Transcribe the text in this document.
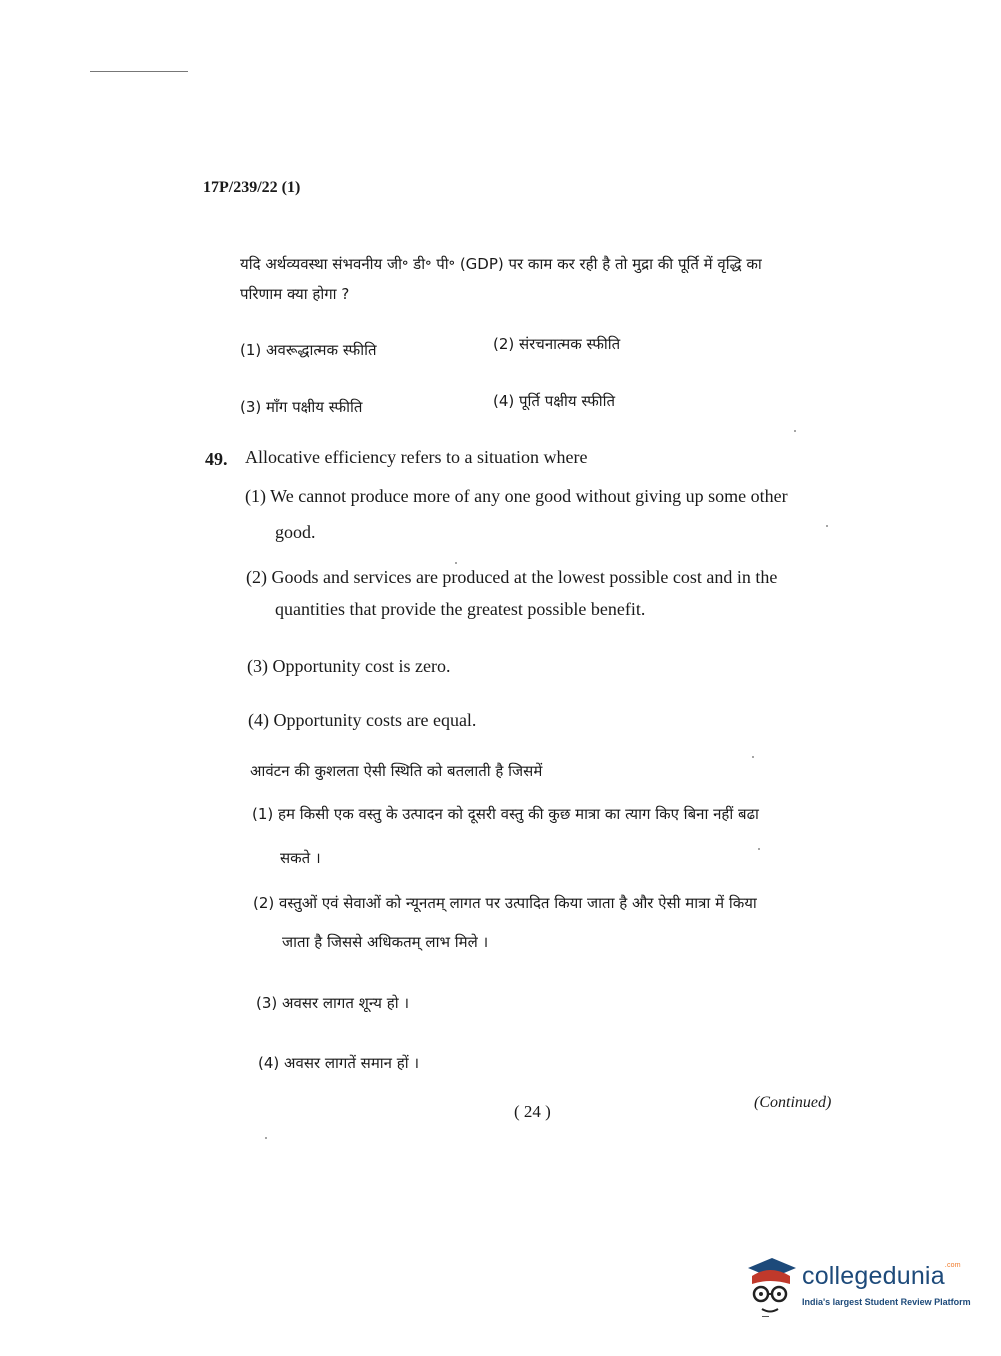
17P/239/22 (1)
यदि अर्थव्यवस्था संभवनीय जी॰ डी॰ पी॰ (GDP) पर काम कर रही है तो मुद्रा की पूर्ति में वृद्धि का
परिणाम क्या होगा ?
(1) अवरूद्धात्मक स्फीति	(2) संरचनात्मक स्फीति
(3) माँग पक्षीय स्फीति	(4) पूर्ति पक्षीय स्फीति
49. Allocative efficiency refers to a situation where
(1) We cannot produce more of any one good without giving up some other
good.
(2) Goods and services are produced at the lowest possible cost and in the
quantities that provide the greatest possible benefit.
(3) Opportunity cost is zero.
(4) Opportunity costs are equal.
आवंटन की कुशलता ऐसी स्थिति को बतलाती है जिसमें
(1) हम किसी एक वस्तु के उत्पादन को दूसरी वस्तु की कुछ मात्रा का त्याग किए बिना नहीं बढा
सकते ।
(2) वस्तुओं एवं सेवाओं को न्यूनतम् लागत पर उत्पादित किया जाता है और ऐसी मात्रा में किया
जाता है जिससे अधिकतम् लाभ मिले ।
(3) अवसर लागत शून्य हो ।
(4) अवसर लागतें समान हों ।
( 24 )	(Continued)
collegedunia$^{.com}$
India's largest Student Review Platform
